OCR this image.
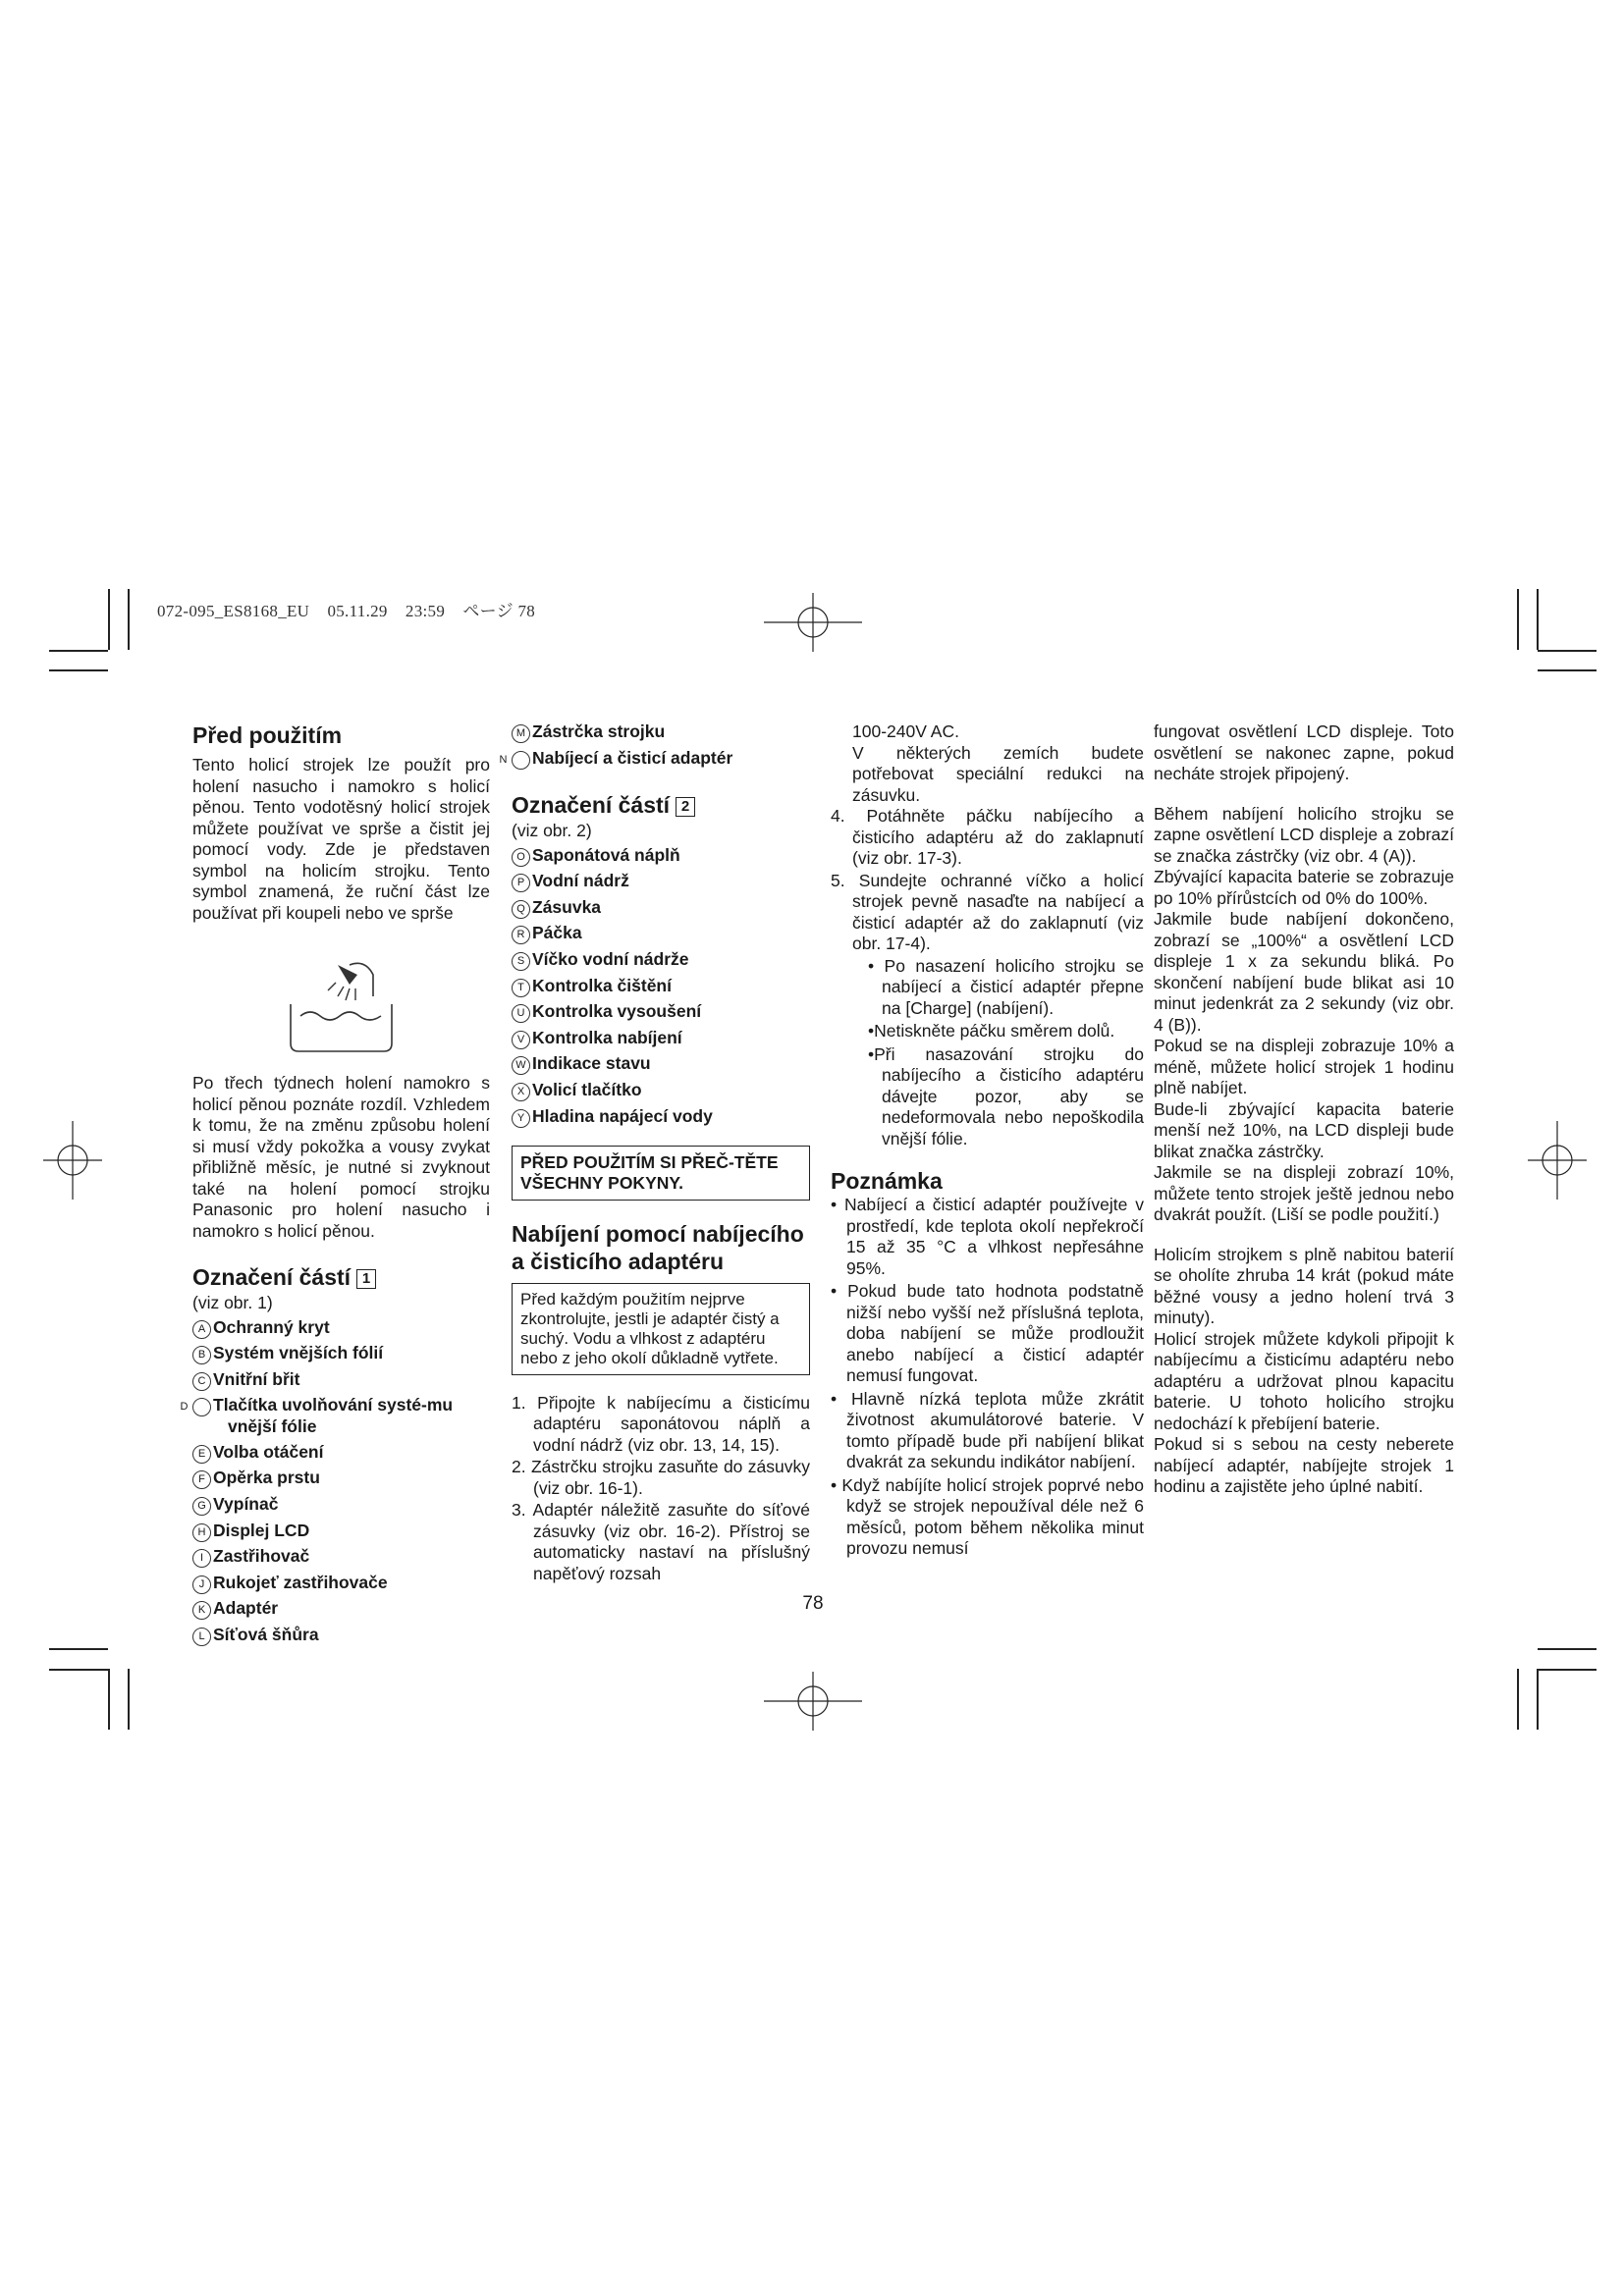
072-095_ES8168_EU    05.11.29    23:59    ページ 78
Před použitím

Tento holicí strojek lze použít pro holení nasucho i namokro s holicí pěnou. Tento vodotěsný holicí strojek můžete používat ve sprše a čistit jej pomocí vody. Zde je představen symbol na holicím strojku. Tento symbol znamená, že ruční část lze používat při koupeli nebo ve sprše

Po třech týdnech holení namokro s holicí pěnou poznáte rozdíl. Vzhledem k tomu, že na změnu způsobu holení si musí vždy pokožka a vousy zvykat přibližně měsíc, je nutné si zvyknout také na holení pomocí strojku Panasonic pro holení nasucho i namokro s holicí pěnou.

Označení částí 1
(viz obr. 1)
A Ochranný kryt
B Systém vnějších fólií
C Vnitřní břit
D Tlačítka uvolňování systé-mu vnější fólie
E Volba otáčení
F Opěrka prstu
G Vypínač
H Displej LCD
I Zastřihovač
J Rukojeť zastřihovače
K Adaptér
L Síťová šňůra
M Zástrčka strojku
N Nabíjecí a čisticí adaptér
Označení částí 2
(viz obr. 2)
O Saponátová náplň
P Vodní nádrž
Q Zásuvka
R Páčka
S Víčko vodní nádrže
T Kontrolka čištění
U Kontrolka vysoušení
V Kontrolka nabíjení
W Indikace stavu
X Volicí tlačítko
Y Hladina napájecí vody
PŘED POUŽITÍM SI PŘEČ-TĚTE VŠECHNY POKYNY.
Nabíjení pomocí nabíjecího a čisticího adaptéru
Před každým použitím nejprve zkontrolujte, jestli je adaptér čistý a suchý. Vodu a vlhkost z adaptéru nebo z jeho okolí důkladně vytřete.
1. Připojte k nabíjecímu a čisticímu adaptéru saponátovou náplň a vodní nádrž (viz obr. 13, 14, 15).
2. Zástrčku strojku zasuňte do zásuvky (viz obr. 16-1).
3. Adaptér náležitě zasuňte do síťové zásuvky (viz obr. 16-2). Přístroj se automaticky nastaví na příslušný napěťový rozsah

100-240V AC.

V některých zemích budete potřebovat speciální redukci na zásuvku.

4. Potáhněte páčku nabíjecího a čisticího adaptéru až do zaklapnutí (viz obr. 17-3).
5. Sundejte ochranné víčko a holicí strojek pevně nasaďte na nabíjecí a čisticí adaptér až do zaklapnutí (viz obr. 17-4).
• Po nasazení holicího strojku se nabíjecí a čisticí adaptér přepne na [Charge] (nabíjení).
•Netiskněte páčku směrem dolů.
•Při nasazování strojku do nabíjecího a čisticího adaptéru dávejte pozor, aby se nedeformovala nebo nepoškodila vnější fólie.
Poznámka
• Nabíjecí a čisticí adaptér používejte v prostředí, kde teplota okolí nepřekročí 15 až 35 °C a vlhkost nepřesáhne 95%.
• Pokud bude tato hodnota podstatně nižší nebo vyšší než příslušná teplota, doba nabíjení se může prodloužit anebo nabíjecí a čisticí adaptér nemusí fungovat.
• Hlavně nízká teplota může zkrátit životnost akumulátorové baterie. V tomto případě bude při nabíjení blikat dvakrát za sekundu indikátor nabíjení.
• Když nabíjíte holicí strojek poprvé nebo když se strojek nepoužíval déle než 6 měsíců, potom během několika minut provozu nemusí

fungovat osvětlení LCD displeje. Toto osvětlení se nakonec zapne, pokud necháte strojek připojený.

Během nabíjení holicího strojku se zapne osvětlení LCD displeje a zobrazí se značka zástrčky (viz obr. 4 (A)).

Zbývající kapacita baterie se zobrazuje po 10% přírůstcích od 0% do 100%.

Jakmile bude nabíjení dokončeno, zobrazí se „100%“ a osvětlení LCD displeje 1 x za sekundu bliká. Po skončení nabíjení bude blikat asi 10 minut jedenkrát za 2 sekundy (viz obr. 4 (B)).

Pokud se na displeji zobrazuje 10% a méně, můžete holicí strojek 1 hodinu plně nabíjet.

Bude-li zbývající kapacita baterie menší než 10%, na LCD displeji bude blikat značka zástrčky.

Jakmile se na displeji zobrazí 10%, můžete tento strojek ještě jednou nebo dvakrát použít. (Liší se podle použití.)

Holicím strojkem s plně nabitou baterií se oholíte zhruba 14 krát (pokud máte běžné vousy a jedno holení trvá 3 minuty).

Holicí strojek můžete kdykoli připojit k nabíjecímu a čisticímu adaptéru nebo adaptéru a udržovat plnou kapacitu baterie. U tohoto holicího strojku nedochází k přebíjení baterie.

Pokud si s sebou na cesty neberete nabíjecí adaptér, nabíjejte strojek 1 hodinu a zajistěte jeho úplné nabití.

78
